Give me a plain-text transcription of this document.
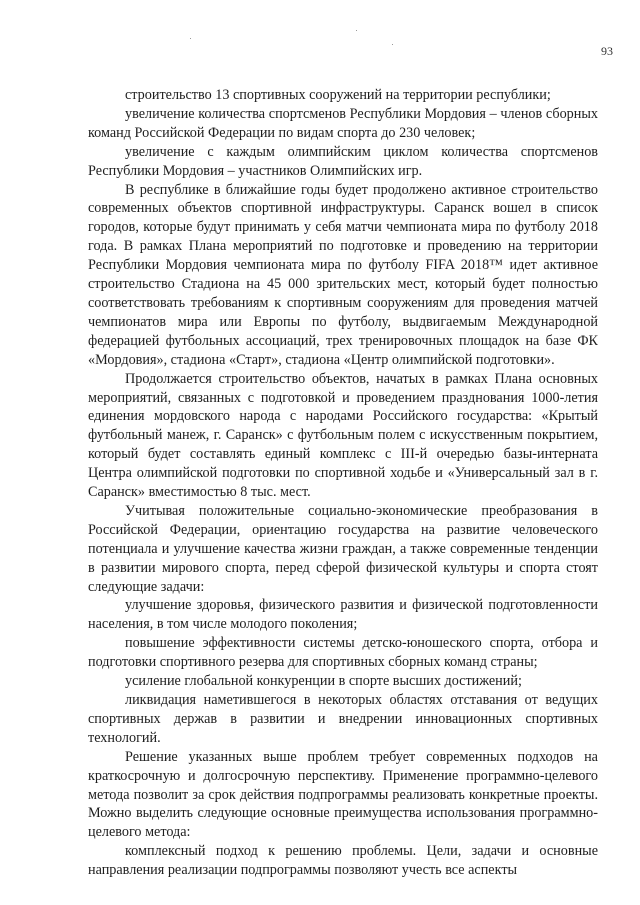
93

строительство 13 спортивных сооружений на территории республики;

увеличение количества спортсменов Республики Мордовия – членов сборных команд Российской Федерации по видам спорта до 230 человек;

увеличение с каждым олимпийским циклом количества спортсменов Республики Мордовия – участников Олимпийских игр.

В республике в ближайшие годы будет продолжено активное строительство современных объектов спортивной инфраструктуры. Саранск вошел в список городов, которые будут принимать у себя матчи чемпионата мира по футболу 2018 года. В рамках Плана мероприятий по подготовке и проведению на территории Республики Мордовия чемпионата мира по футболу FIFA 2018™ идет активное строительство Стадиона на 45 000 зрительских мест, который будет полностью соответствовать требованиям к спортивным сооружениям для проведения матчей чемпионатов мира или Европы по футболу, выдвигаемым Международной федерацией футбольных ассоциаций, трех тренировочных площадок на базе ФК «Мордовия», стадиона «Старт», стадиона «Центр олимпийской подготовки».

Продолжается строительство объектов, начатых в рамках Плана основных мероприятий, связанных с подготовкой и проведением празднования 1000-летия единения мордовского народа с народами Российского государства: «Крытый футбольный манеж, г. Саранск» с футбольным полем с искусственным покрытием, который будет составлять единый комплекс с III-й очередью базы-интерната Центра олимпийской подготовки по спортивной ходьбе и «Универсальный зал в г. Саранск» вместимостью 8 тыс. мест.

Учитывая положительные социально-экономические преобразования в Российской Федерации, ориентацию государства на развитие человеческого потенциала и улучшение качества жизни граждан, а также современные тенденции в развитии мирового спорта, перед сферой физической культуры и спорта стоят следующие задачи:

улучшение здоровья, физического развития и физической подготовленности населения, в том числе молодого поколения;

повышение эффективности системы детско-юношеского спорта, отбора и подготовки спортивного резерва для спортивных сборных команд страны;

усиление глобальной конкуренции в спорте высших достижений;

ликвидация наметившегося в некоторых областях отставания от ведущих спортивных держав в развитии и внедрении инновационных спортивных технологий.

Решение указанных выше проблем требует современных подходов на краткосрочную и долгосрочную перспективу. Применение программно-целевого метода позволит за срок действия подпрограммы реализовать конкретные проекты. Можно выделить следующие основные преимущества использования программно-целевого метода:

комплексный подход к решению проблемы. Цели, задачи и основные направления реализации подпрограммы позволяют учесть все аспекты
